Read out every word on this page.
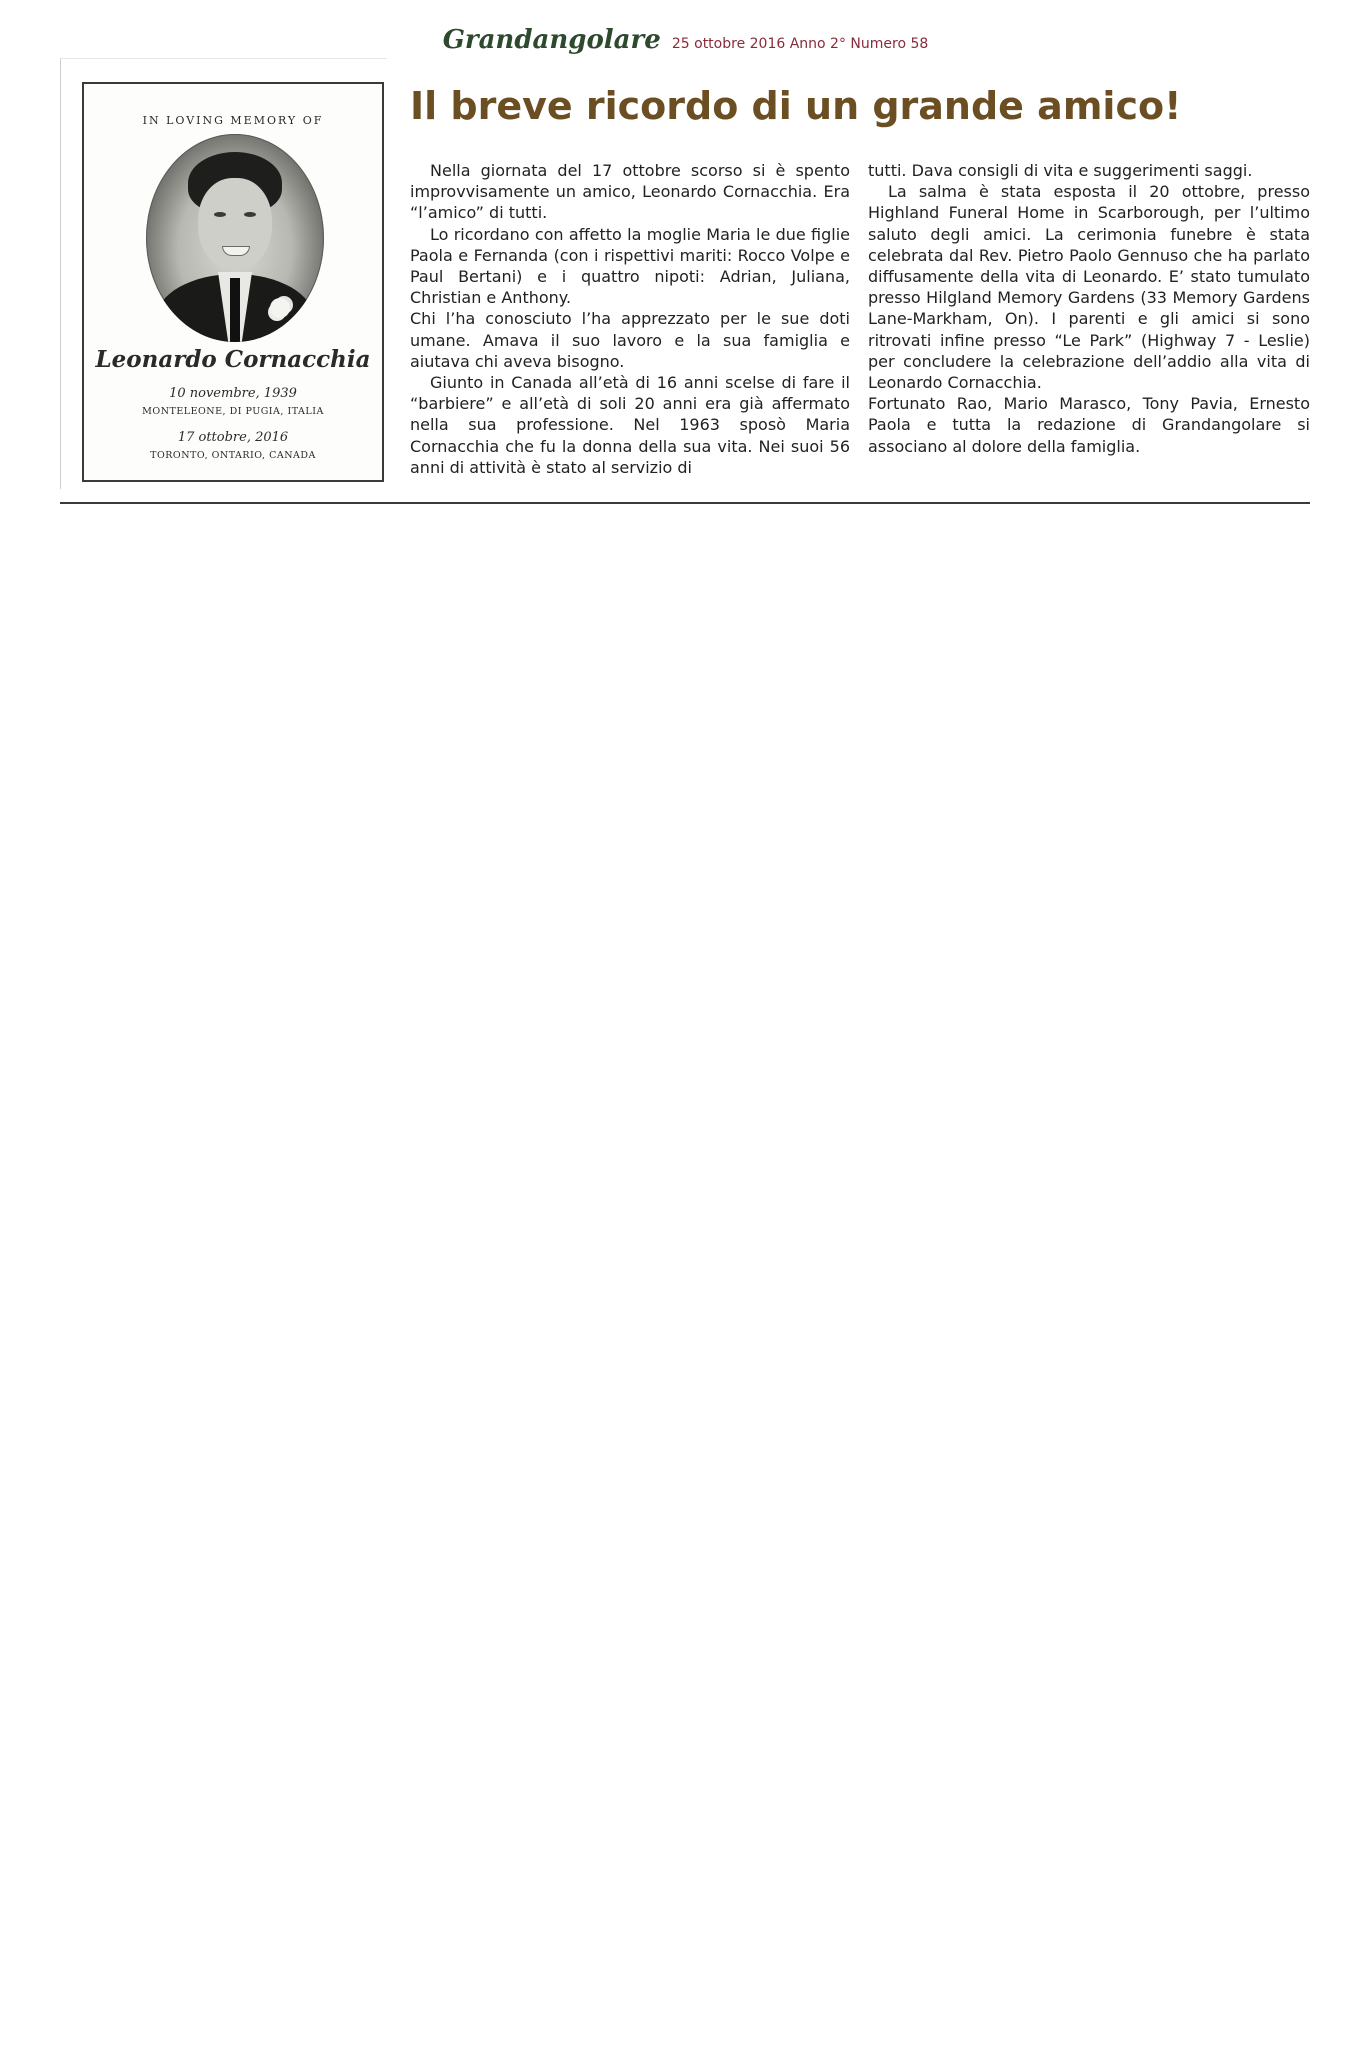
Grandangolare 25 ottobre 2016 Anno 2° Numero 58
IN LOVING MEMORY OF
Leonardo Cornacchia
10 novembre, 1939
MONTELEONE, DI PUGIA, ITALIA
17 ottobre, 2016
TORONTO, ONTARIO, CANADA
Il breve ricordo di un grande amico!

Nella giornata del 17 ottobre scorso si è spento improvvisamente un amico, Leonardo Cornacchia. Era “l’amico” di tutti.

Lo ricordano con affetto la moglie Maria le due figlie Paola e Fernanda (con i rispettivi mariti: Rocco Volpe e Paul Bertani) e i quattro nipoti: Adrian, Juliana, Christian e Anthony.

Chi l’ha conosciuto l’ha apprezzato per le sue doti umane. Amava il suo lavoro e la sua famiglia e aiutava chi aveva bisogno.

Giunto in Canada all’età di 16 anni scelse di fare il “barbiere” e all’età di soli 20 anni era già affermato nella sua professione. Nel 1963 sposò Maria Cornacchia che fu la donna della sua vita. Nei suoi 56 anni di attività è stato al servizio di

tutti. Dava consigli di vita e suggerimenti saggi.

La salma è stata esposta il 20 ottobre, presso Highland Funeral Home in Scarborough, per l’ultimo saluto degli amici. La cerimonia funebre è stata celebrata dal Rev. Pietro Paolo Gennuso che ha parlato diffusamente della vita di Leonardo. E’ stato tumulato presso Hilgland Memory Gardens (33 Memory Gardens Lane-Markham, On). I parenti e gli amici si sono ritrovati infine presso “Le Park” (Highway 7 - Leslie) per concludere la celebrazione dell’addio alla vita di Leonardo Cornacchia.

Fortunato Rao, Mario Marasco, Tony Pavia, Ernesto Paola e tutta la redazione di Grandangolare si associano al dolore della famiglia.
